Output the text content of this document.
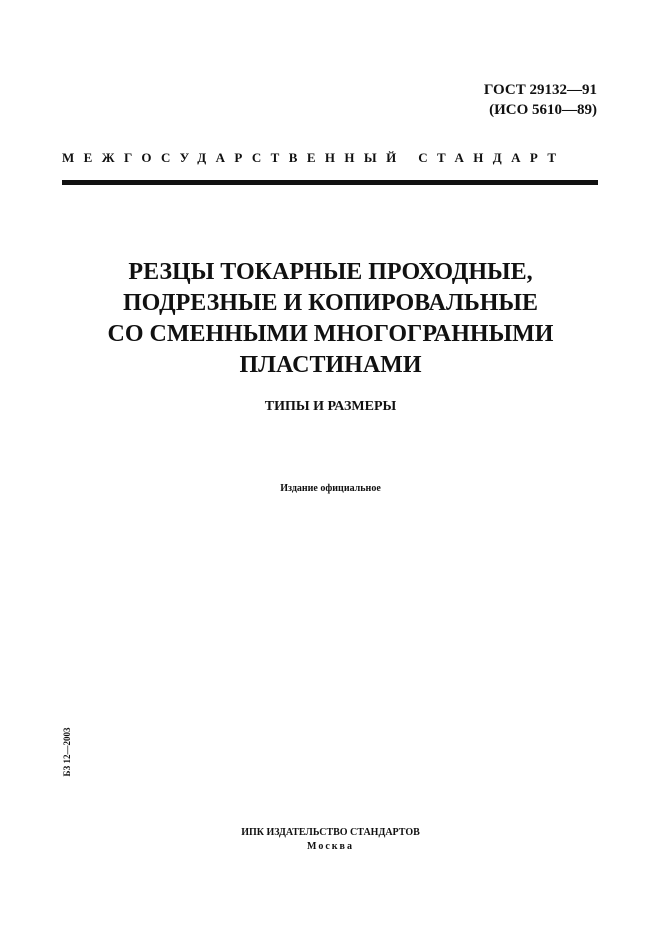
ГОСТ 29132—91
(ИСО 5610—89)
МЕЖГОСУДАРСТВЕННЫЙ СТАНДАРТ
РЕЗЦЫ ТОКАРНЫЕ ПРОХОДНЫЕ,
ПОДРЕЗНЫЕ И КОПИРОВАЛЬНЫЕ
СО СМЕННЫМИ МНОГОГРАННЫМИ
ПЛАСТИНАМИ
ТИПЫ И РАЗМЕРЫ
Издание официальное
БЗ 12—2003
ИПК ИЗДАТЕЛЬСТВО СТАНДАРТОВ
Москва
